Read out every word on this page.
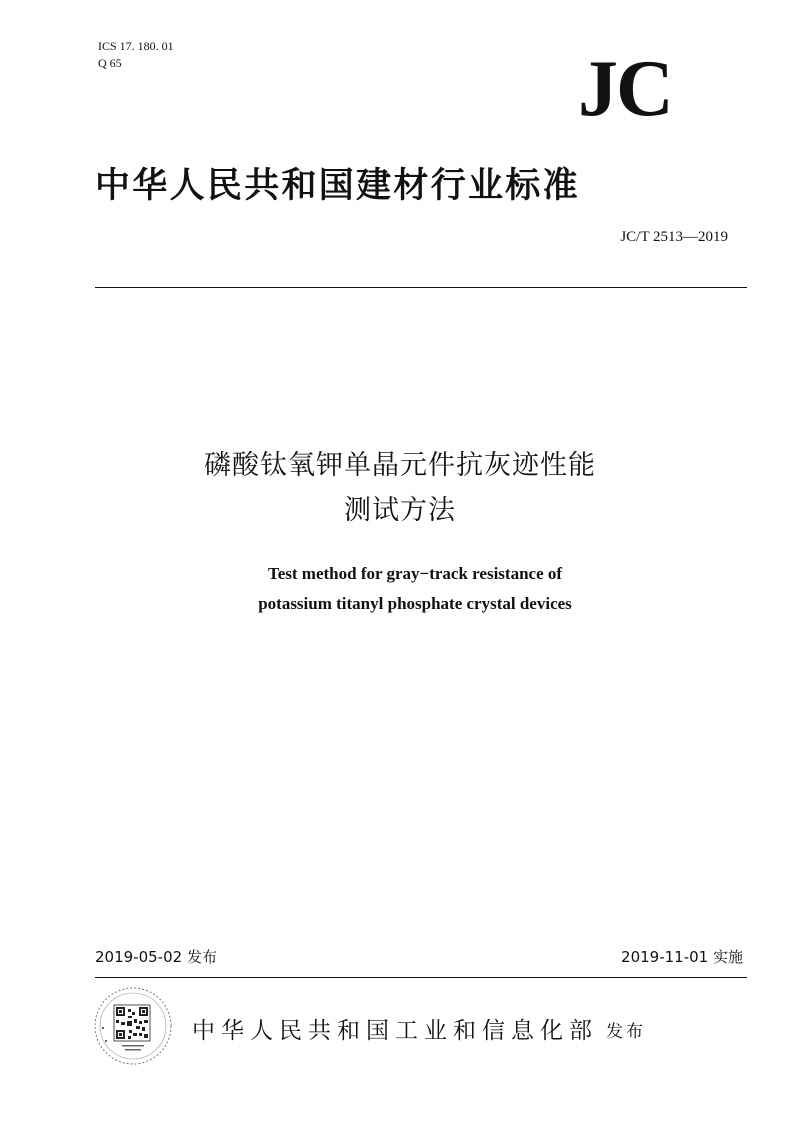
ICS 17. 180. 01
Q 65	JC
中华人民共和国建材行业标准
JC/T 2513—2019
磷酸钛氧钾单晶元件抗灰迹性能
测试方法
Test method for gray−track resistance of
potassium titanyl phosphate crystal devices
2019-05-02 发布	2019-11-01 实施
中华人民共和国工业和信息化部 发布
